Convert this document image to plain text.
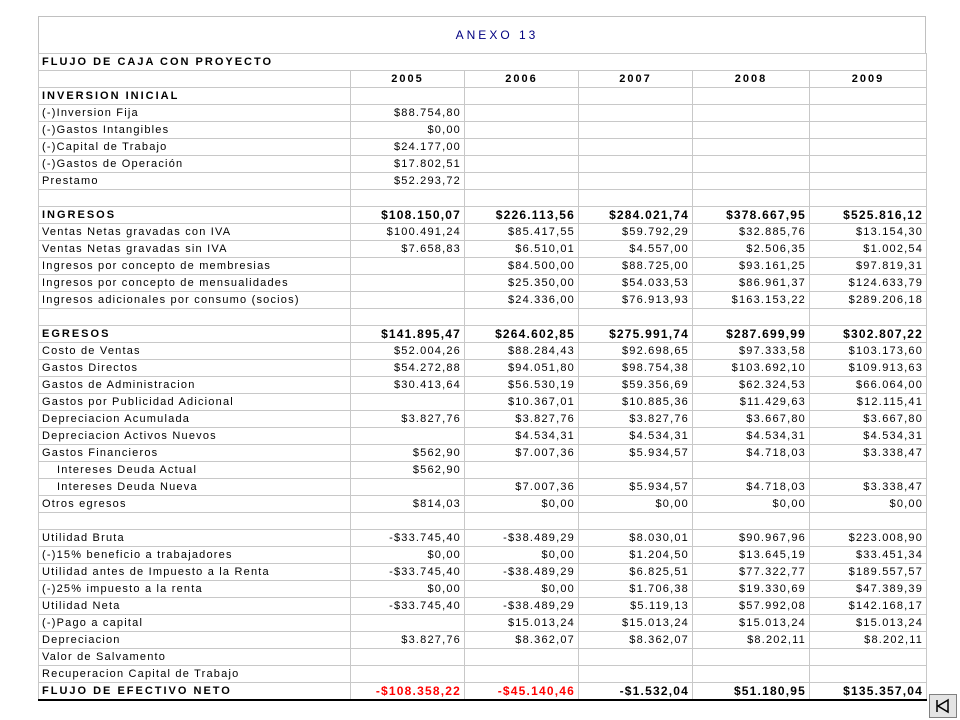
ANEXO 13
FLUJO DE CAJA CON PROYECTO					
	2005	2006	2007	2008	2009
INVERSION INICIAL					
(-)Inversion Fija	$88.754,80				
(-)Gastos Intangibles	$0,00				
(-)Capital de Trabajo	$24.177,00				
(-)Gastos de Operación	$17.802,51				
Prestamo	$52.293,72				

INGRESOS	$108.150,07	$226.113,56	$284.021,74	$378.667,95	$525.816,12
Ventas Netas gravadas con IVA	$100.491,24	$85.417,55	$59.792,29	$32.885,76	$13.154,30
Ventas Netas gravadas sin IVA	$7.658,83	$6.510,01	$4.557,00	$2.506,35	$1.002,54
Ingresos por concepto de membresias		$84.500,00	$88.725,00	$93.161,25	$97.819,31
Ingresos por concepto de mensualidades		$25.350,00	$54.033,53	$86.961,37	$124.633,79
Ingresos adicionales por consumo (socios)		$24.336,00	$76.913,93	$163.153,22	$289.206,18

EGRESOS	$141.895,47	$264.602,85	$275.991,74	$287.699,99	$302.807,22
Costo de Ventas	$52.004,26	$88.284,43	$92.698,65	$97.333,58	$103.173,60
Gastos Directos	$54.272,88	$94.051,80	$98.754,38	$103.692,10	$109.913,63
Gastos de Administracion	$30.413,64	$56.530,19	$59.356,69	$62.324,53	$66.064,00
Gastos por Publicidad Adicional		$10.367,01	$10.885,36	$11.429,63	$12.115,41
Depreciacion Acumulada	$3.827,76	$3.827,76	$3.827,76	$3.667,80	$3.667,80
Depreciacion Activos Nuevos		$4.534,31	$4.534,31	$4.534,31	$4.534,31
Gastos Financieros	$562,90	$7.007,36	$5.934,57	$4.718,03	$3.338,47
Intereses Deuda Actual	$562,90				
Intereses Deuda Nueva		$7.007,36	$5.934,57	$4.718,03	$3.338,47
Otros egresos	$814,03	$0,00	$0,00	$0,00	$0,00

Utilidad Bruta	-$33.745,40	-$38.489,29	$8.030,01	$90.967,96	$223.008,90
(-)15% beneficio a trabajadores	$0,00	$0,00	$1.204,50	$13.645,19	$33.451,34
Utilidad antes de Impuesto a la Renta	-$33.745,40	-$38.489,29	$6.825,51	$77.322,77	$189.557,57
(-)25% impuesto a la renta	$0,00	$0,00	$1.706,38	$19.330,69	$47.389,39
Utilidad Neta	-$33.745,40	-$38.489,29	$5.119,13	$57.992,08	$142.168,17
(-)Pago a capital		$15.013,24	$15.013,24	$15.013,24	$15.013,24
Depreciacion	$3.827,76	$8.362,07	$8.362,07	$8.202,11	$8.202,11
Valor de Salvamento					
Recuperacion Capital de Trabajo					
FLUJO DE EFECTIVO NETO	-$108.358,22	-$45.140,46	-$1.532,04	$51.180,95	$135.357,04
